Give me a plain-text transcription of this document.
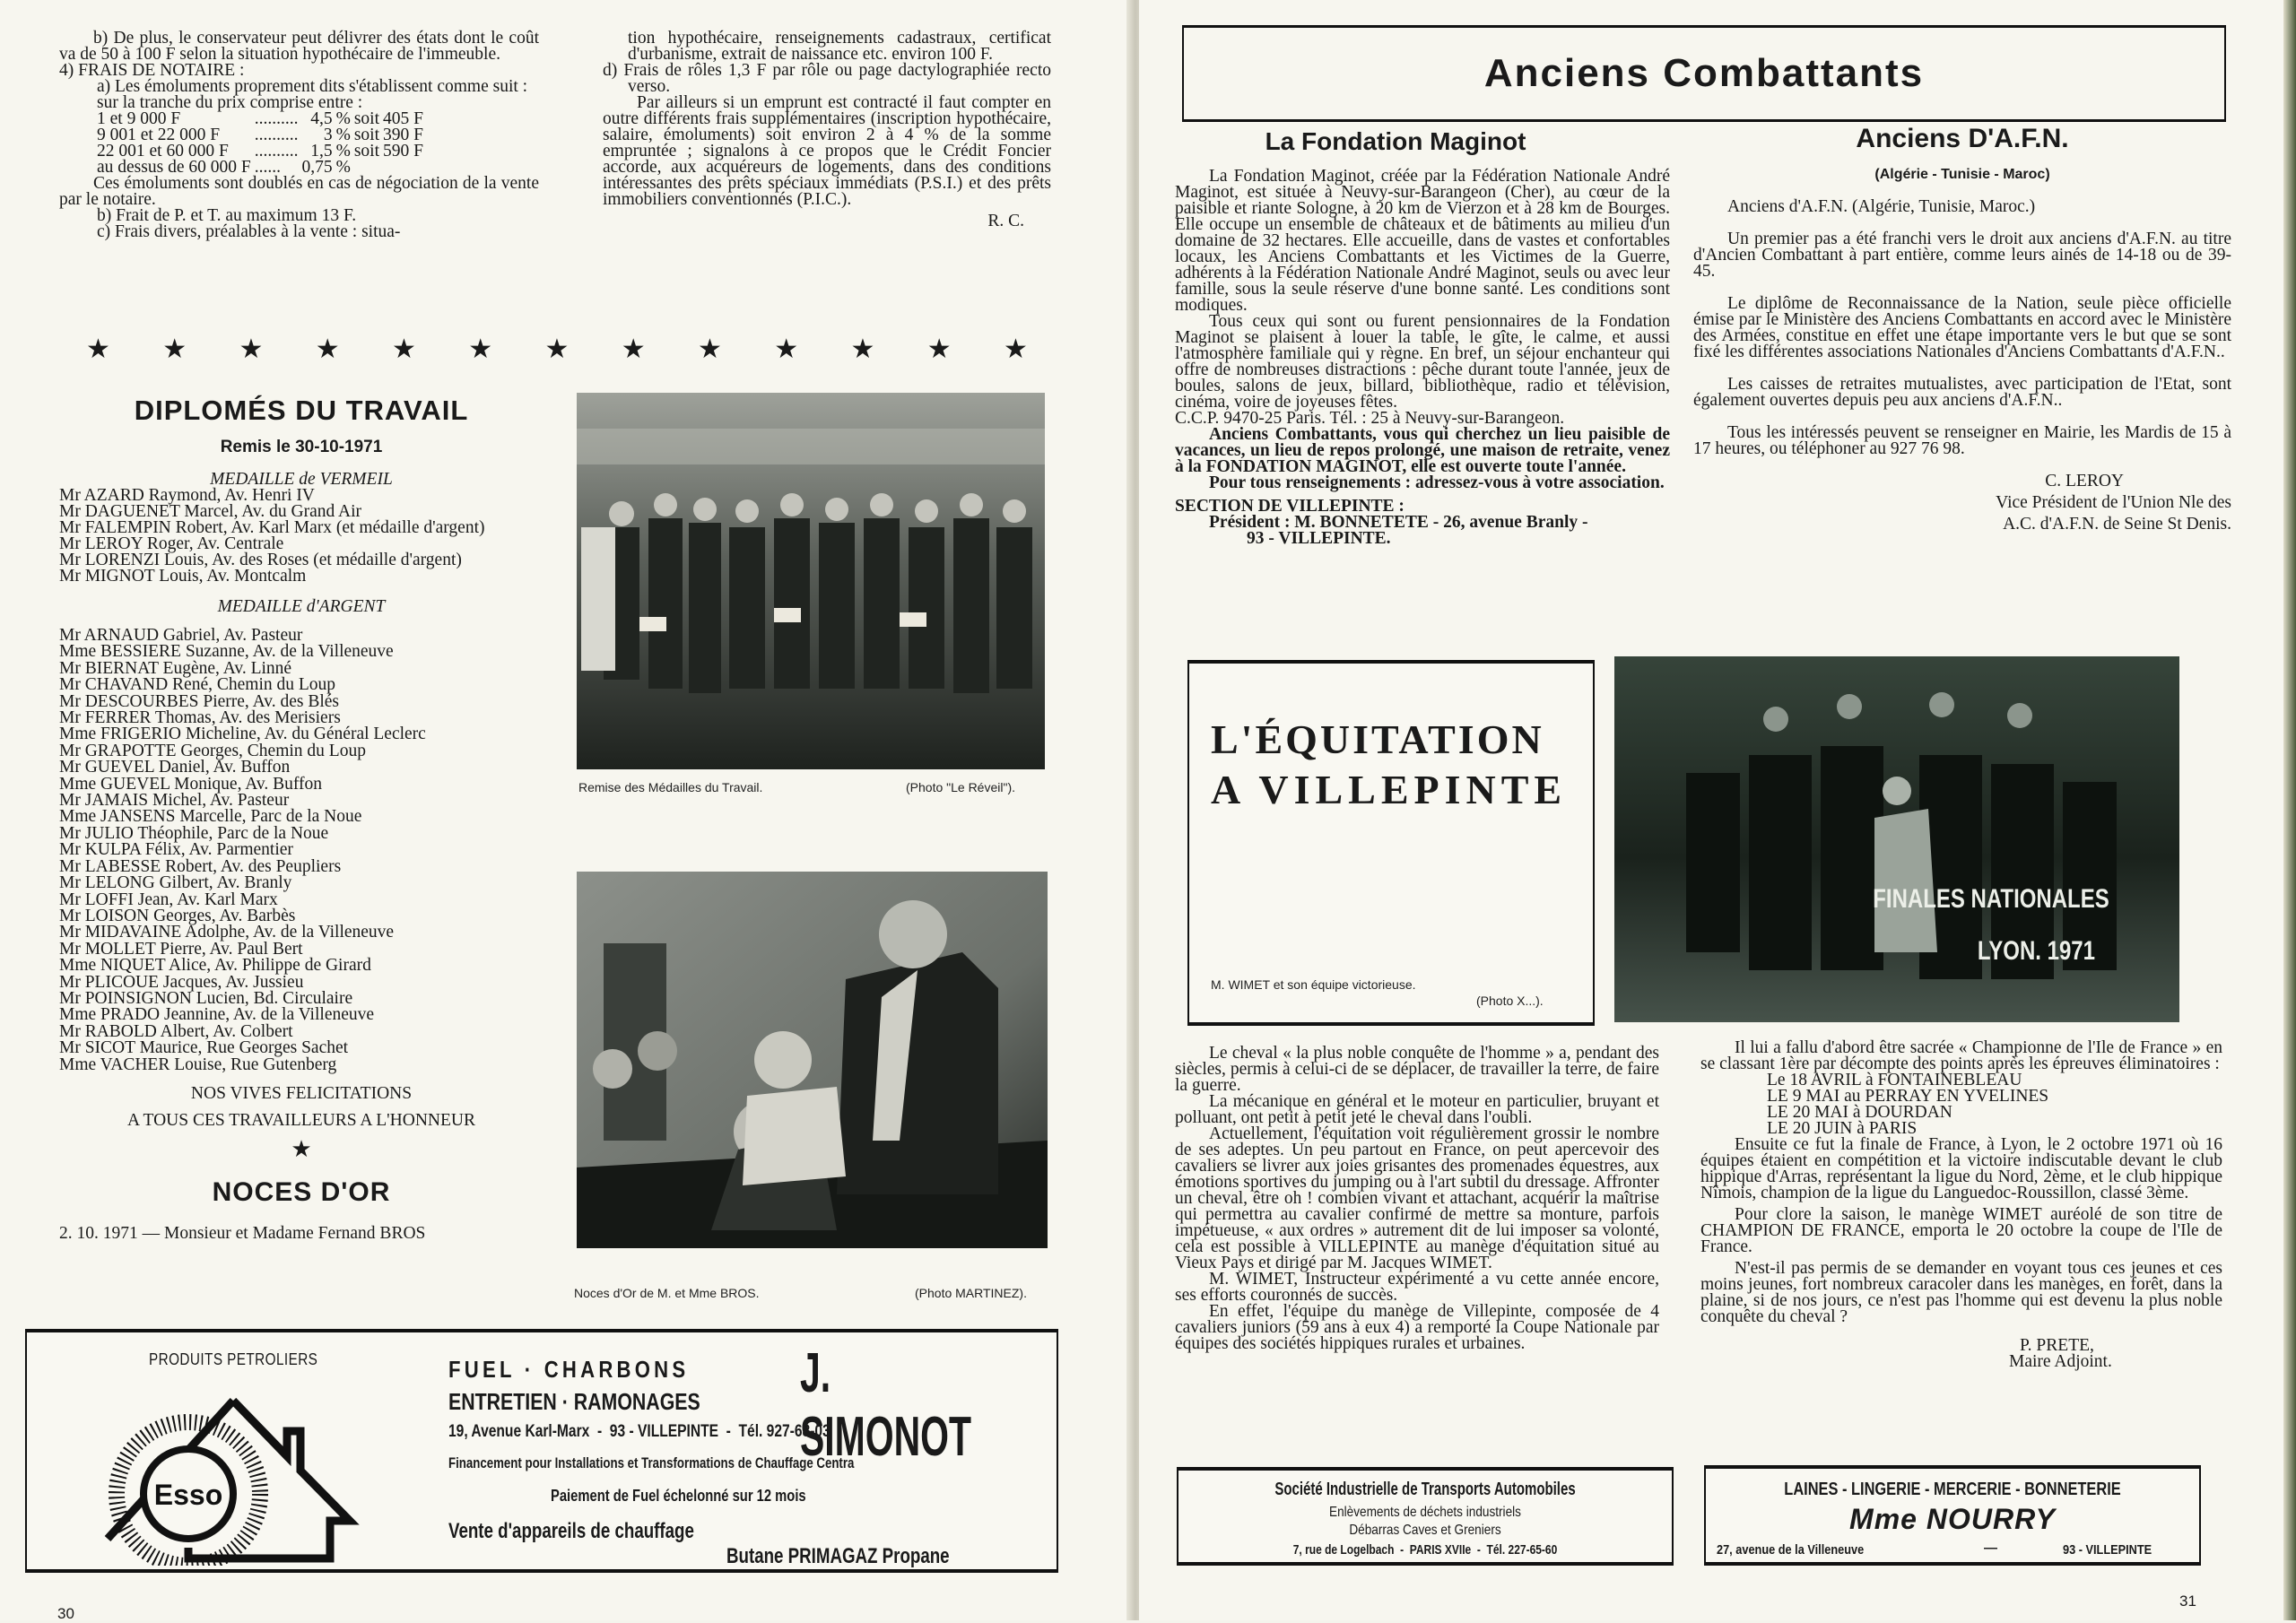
b) De plus, le conservateur peut délivrer des états dont le coût va de 50 à 100 F selon la situation hypothécaire de l'immeuble.

4) FRAIS DE NOTAIRE :

a) Les émoluments proprement dits s'établissent comme suit :

sur la tranche du prix comprise entre :

1 et 9 000 F	..........	4,5	%	soit	405 F
9 001 et 22 000 F	..........	3	%	soit	390 F
22 001 et 60 000 F	..........	1,5	%	soit	590 F
au dessus de 60 000 F	......	0,75	%		

Ces émoluments sont doublés en cas de négociation de la vente par le notaire.

b) Frait de P. et T. au maximum 13 F.

c) Frais divers, préalables à la vente : situa-

tion hypothécaire, renseignements cadastraux, certificat d'urbanisme, extrait de naissance etc. environ 100 F.

d) Frais de rôles 1,3 F par rôle ou page dactylographiée recto verso.

Par ailleurs si un emprunt est contracté il faut compter en outre différents frais supplémentaires (inscription hypothécaire, salaire, émoluments) soit environ 2 à 4 % de la somme empruntée ; signalons à ce propos que le Crédit Foncier accorde, aux acquéreurs de logements, dans des conditions intéressantes des prêts spéciaux immédiats (P.S.I.) et des prêts immobiliers conventionnés (P.I.C.).

R. C.

★ ★ ★ ★ ★ ★ ★ ★ ★ ★ ★ ★ ★
DIPLOMÉS DU TRAVAIL
Remis le 30-10-1971
MEDAILLE de VERMEIL
Mr AZARD Raymond, Av. Henri IV
Mr DAGUENET Marcel, Av. du Grand Air
Mr FALEMPIN Robert, Av. Karl Marx (et médaille d'argent)
Mr LEROY Roger, Av. Centrale
Mr LORENZI Louis, Av. des Roses (et médaille d'argent)
Mr MIGNOT Louis, Av. Montcalm
MEDAILLE d'ARGENT
Mr ARNAUD Gabriel, Av. Pasteur
Mme BESSIERE Suzanne, Av. de la Villeneuve
Mr BIERNAT Eugène, Av. Linné
Mr CHAVAND René, Chemin du Loup
Mr DESCOURBES Pierre, Av. des Blés
Mr FERRER Thomas, Av. des Merisiers
Mme FRIGERIO Micheline, Av. du Général Leclerc
Mr GRAPOTTE Georges, Chemin du Loup
Mr GUEVEL Daniel, Av. Buffon
Mme GUEVEL Monique, Av. Buffon
Mr JAMAIS Michel, Av. Pasteur
Mme JANSENS Marcelle, Parc de la Noue
Mr JULIO Théophile, Parc de la Noue
Mr KULPA Félix, Av. Parmentier
Mr LABESSE Robert, Av. des Peupliers
Mr LELONG Gilbert, Av. Branly
Mr LOFFI Jean, Av. Karl Marx
Mr LOISON Georges, Av. Barbès
Mr MIDAVAINE Adolphe, Av. de la Villeneuve
Mr MOLLET Pierre, Av. Paul Bert
Mme NIQUET Alice, Av. Philippe de Girard
Mr PLICOUE Jacques, Av. Jussieu
Mr POINSIGNON Lucien, Bd. Circulaire
Mme PRADO Jeannine, Av. de la Villeneuve
Mr RABOLD Albert, Av. Colbert
Mr SICOT Maurice, Rue Georges Sachet
Mme VACHER Louise, Rue Gutenberg
NOS VIVES FELICITATIONS
A TOUS CES TRAVAILLEURS A L'HONNEUR
★
NOCES D'OR
2. 10. 1971 — Monsieur et Madame Fernand BROS
Remise des Médailles du Travail.	(Photo "Le Réveil").
Noces d'Or de M. et Mme BROS.	(Photo MARTINEZ).
PRODUITS PETROLIERS
Esso
FUEL · CHARBONS
ENTRETIEN · RAMONAGES J. SIMONOT
19, Avenue Karl-Marx  -  93 - VILLEPINTE  -  Tél. 927-68-03
Financement pour Installations et Transformations de Chauffage Centra
Paiement de Fuel échelonné sur 12 mois
Vente d'appareils de chauffage
Butane PRIMAGAZ Propane
30
Anciens Combattants
La Fondation Maginot

La Fondation Maginot, créée par la Fédération Nationale André Maginot, est située à Neuvy-sur-Barangeon (Cher), au cœur de la paisible et riante Sologne, à 20 km de Vierzon et à 28 km de Bourges. Elle occupe un ensemble de châteaux et de bâtiments au milieu d'un domaine de 32 hectares. Elle accueille, dans de vastes et confortables locaux, les Anciens Combattants et les Victimes de la Guerre, adhérents à la Fédération Nationale André Maginot, seuls ou avec leur famille, sous la seule réserve d'une bonne santé. Les conditions sont modiques.

Tous ceux qui sont ou furent pensionnaires de la Fondation Maginot se plaisent à louer la table, le gîte, le calme, et aussi l'atmosphère familiale qui y règne. En bref, un séjour enchanteur qui offre de nombreuses distractions : pêche durant toute l'année, jeux de boules, salons de jeux, billard, bibliothèque, radio et télévision, cinéma, voire de joyeuses fêtes.

C.C.P. 9470-25 Paris. Tél. : 25 à Neuvy-sur-Barangeon.

Anciens Combattants, vous qui cherchez un lieu paisible de vacances, un lieu de repos prolongé, une maison de retraite, venez à la FONDATION MAGINOT, elle est ouverte toute l'année.

Pour tous renseignements : adressez-vous à votre association.

SECTION DE VILLEPINTE :

Président : M. BONNETETE - 26, avenue Branly -

93 - VILLEPINTE.

Anciens D'A.F.N.
(Algérie - Tunisie - Maroc)

Anciens d'A.F.N. (Algérie, Tunisie, Maroc.)

Un premier pas a été franchi vers le droit aux anciens d'A.F.N. au titre d'Ancien Combattant à part entière, comme leurs ainés de 14-18 ou de 39-45.

Le diplôme de Reconnaissance de la Nation, seule pièce officielle émise par le Ministère des Anciens Combattants en accord avec le Ministère des Armées, constitue en effet une étape importante vers le but que se sont fixé les différentes associations Nationales d'Anciens Combattants d'A.F.N..

Les caisses de retraites mutualistes, avec participation de l'Etat, sont également ouvertes depuis peu aux anciens d'A.F.N..

Tous les intéressés peuvent se renseigner en Mairie, les Mardis de 15 à 17 heures, ou téléphoner au 927 76 98.

C. LEROY

Vice Président de l'Union Nle des

A.C. d'A.F.N. de Seine St Denis.

L'ÉQUITATION
A VILLEPINTE
M. WIMET et son équipe victorieuse.
(Photo X...).
FINALES NATIONALES
LYON. 1971

Le cheval « la plus noble conquête de l'homme » a, pendant des siècles, permis à celui-ci de se déplacer, de travailler la terre, de faire la guerre.

La mécanique en général et le moteur en particulier, bruyant et polluant, ont petit à petit jeté le cheval dans l'oubli.

Actuellement, l'équitation voit régulièrement grossir le nombre de ses adeptes. Un peu partout en France, on peut apercevoir des cavaliers se livrer aux joies grisantes des promenades équestres, aux émotions sportives du jumping ou à l'art subtil du dressage. Affronter un cheval, être oh ! combien vivant et attachant, acquérir la maîtrise qui permettra au cavalier confirmé de mettre sa monture, parfois impétueuse, « aux ordres » autrement dit de lui imposer sa volonté, cela est possible à VILLEPINTE au manège d'équitation situé au Vieux Pays et dirigé par M. Jacques WIMET.

M. WIMET, Instructeur expérimenté a vu cette année encore, ses efforts couronnés de succès.

En effet, l'équipe du manège de Villepinte, composée de 4 cavaliers juniors (59 ans à eux 4) a remporté la Coupe Nationale par équipes des sociétés hippiques rurales et urbaines.

Il lui a fallu d'abord être sacrée « Championne de l'Ile de France » en se classant 1ère par décompte des points après les épreuves éliminatoires :

Le 18 AVRIL à FONTAINEBLEAU
LE 9 MAI au PERRAY EN YVELINES
LE 20 MAI à DOURDAN
LE 20 JUIN à PARIS

Ensuite ce fut la finale de France, à Lyon, le 2 octobre 1971 où 16 équipes étaient en compétition et la victoire indiscutable devant le club hippique d'Arras, représentant la ligue du Nord, 2ème, et le club hippique Nîmois, champion de la ligue du Languedoc-Roussillon, classé 3ème.

Pour clore la saison, le manège WIMET auréolé de son titre de CHAMPION DE FRANCE, emporta le 20 octobre la coupe de l'Ile de France.

N'est-il pas permis de se demander en voyant tous ces jeunes et ces moins jeunes, fort nombreux caracoler dans les manèges, en forêt, dans la plaine, si de nos jours, ce n'est pas l'homme qui est devenu la plus noble conquête du cheval ?

P. PRETE,

Maire Adjoint.

Société Industrielle de Transports Automobiles
Enlèvements de déchets industriels
Débarras Caves et Greniers
7, rue de Logelbach  -  PARIS XVIIe  -  Tél. 227-65-60
LAINES - LINGERIE - MERCERIE - BONNETERIE
Mme NOURRY
27, avenue de la Villeneuve	—	93 - VILLEPINTE
31
